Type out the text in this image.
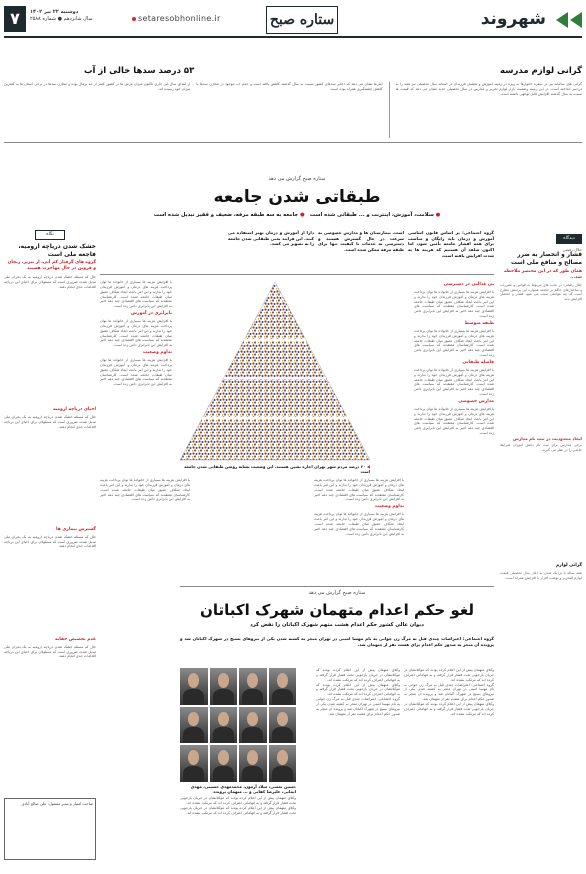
۷	دوشنبه ۲۲ تیر ۱۴۰۲
سال شانزدهم ● شماره ۲۵۸۸	setaresobhonline.ir	ستاره صبح	شهروند
گرانی لوازم مدرسه
۵۳ درصد سدها خالی از آب
گرانی های سالیانه نیز در سفره خانوارها به ویژه در زمینه آموزش و تحصیل فرزندان در آستانه سال تحصیلی نیز همه را به دردسر انداخته است. در این زمینه وضعیت بازار لوازم تحریر و مدارس در سال تحصیلی جدید نشان می دهد که قیمت ها نسبت به سال گذشته افزایش قابل توجهی داشته است.
آمارها نشان می دهد که ذخایر سدهای کشور نسبت به سال گذشته کاهش یافته است و حجم آب موجود در مخازن سدها با کاهش چشمگیری همراه بوده است.
از ابتدای سال آبی جاری تاکنون میزان بارش ها در کشور کمتر از حد نرمال بوده و مخازن سدها در برخی استان ها به کمترین میزان خود رسیده اند.
دیدگاه
جلال رفیعی
فشار و انحصار به ضرر مصالح و منافع ملی است
همان طور که در این مختصر ملاحظه شد...
جلال رفیعی: در بحث های مربوط به قوانین و مقررات و ساختارهای حاکم بر جامعه همواره این پرسش مطرح است که چه عواملی سبب می شود فشار و انحصار افزایش یابد.
ایجاد محدودیت در ثبت نام مدارس
برخی مدارس برای ثبت نام دانش آموزان شرایط خاصی را در نظر می گیرند.
گرانی لوازم
همه ساله با نزدیک شدن به آغاز سال تحصیلی قیمت لوازم التحریر و نوشت افزار با افزایش همراه است.
نگاه
خشک شدن دریاچه ارومیه، فاجعه ملی است
گروه های گرفتار کم آبی، از تبریز، زنجان و قزوین در حال مهاجرت هستند
حال که مسئله خشک شدن دریاچه ارومیه به یک بحران ملی تبدیل شده، ضروری است که مسئولان برای احیای این دریاچه اقدامات جدی انجام دهند.
احیای دریاچه ارومیه
حال که مسئله خشک شدن دریاچه ارومیه به یک بحران ملی تبدیل شده، ضروری است که مسئولان برای احیای این دریاچه اقدامات جدی انجام دهند.
گسترش بیماری ها
حال که مسئله خشک شدن دریاچه ارومیه به یک بحران ملی تبدیل شده، ضروری است که مسئولان برای احیای این دریاچه اقدامات جدی انجام دهند.
عدم تخصیص حقابه
حال که مسئله خشک شدن دریاچه ارومیه به یک بحران ملی تبدیل شده، ضروری است که مسئولان برای احیای این دریاچه اقدامات جدی انجام دهند.
صاحب امتیاز و مدیر مسئول: علی صالح آبادی
ستاره صبح گزارش می دهد
طبقاتی شدن جامعه
● سلامت، آموزش، اینترنت و ... طبقاتی شده است   ● جامعه به سه طبقه مرفه، ضعیف و فقیر تبدیل شده است
گروه اجتماعی: بر اساس قانون اساسی آموزش و درمان باید رایگان و مناسب برای همه اقشار جامعه تأمین شود، اما اکنون شاهد آن هستیم که هزینه ها به شدت افزایش یافته است.
است. بیمارستان ها و مدارس خصوصی به سرعت در حال گسترش هستند و دسترسی به خدمات با کیفیت تنها برای طبقه مرفه ممکن شده است.
دارا از آموزش و درمان بهتر استفاده می کنند. این فرایند یعنی طبقاتی شدن جامعه را به تصویر می کشد.
◀ ۶۰ درصد مردم شهر تهران اجاره نشین هستند. این وضعیت نشانه روشن طبقاتی شدن جامعه است
بی عدالتی در دسترسی
با افزایش هزینه ها بسیاری از خانواده ها توان پرداخت هزینه های درمان و آموزش فرزندان خود را ندارند و این امر باعث ایجاد شکاف عمیق میان طبقات جامعه شده است. کارشناسان معتقدند که سیاست های اقتصادی چند دهه اخیر به افزایش این نابرابری دامن زده است.
طبقه متوسط
با افزایش هزینه ها بسیاری از خانواده ها توان پرداخت هزینه های درمان و آموزش فرزندان خود را ندارند و این امر باعث ایجاد شکاف عمیق میان طبقات جامعه شده است. کارشناسان معتقدند که سیاست های اقتصادی چند دهه اخیر به افزایش این نابرابری دامن زده است.
فاصله طبقاتی
با افزایش هزینه ها بسیاری از خانواده ها توان پرداخت هزینه های درمان و آموزش فرزندان خود را ندارند و این امر باعث ایجاد شکاف عمیق میان طبقات جامعه شده است. کارشناسان معتقدند که سیاست های اقتصادی چند دهه اخیر به افزایش این نابرابری دامن زده است.
مدارس خصوصی
با افزایش هزینه ها بسیاری از خانواده ها توان پرداخت هزینه های درمان و آموزش فرزندان خود را ندارند و این امر باعث ایجاد شکاف عمیق میان طبقات جامعه شده است. کارشناسان معتقدند که سیاست های اقتصادی چند دهه اخیر به افزایش این نابرابری دامن زده است.
با افزایش هزینه ها بسیاری از خانواده ها توان پرداخت هزینه های درمان و آموزش فرزندان خود را ندارند و این امر باعث ایجاد شکاف عمیق میان طبقات جامعه شده است. کارشناسان معتقدند که سیاست های اقتصادی چند دهه اخیر به افزایش این نابرابری دامن زده است.
تداوم وضعیت
با افزایش هزینه ها بسیاری از خانواده ها توان پرداخت هزینه های درمان و آموزش فرزندان خود را ندارند و این امر باعث ایجاد شکاف عمیق میان طبقات جامعه شده است. کارشناسان معتقدند که سیاست های اقتصادی چند دهه اخیر به افزایش این نابرابری دامن زده است.
با افزایش هزینه ها بسیاری از خانواده ها توان پرداخت هزینه های درمان و آموزش فرزندان خود را ندارند و این امر باعث ایجاد شکاف عمیق میان طبقات جامعه شده است. کارشناسان معتقدند که سیاست های اقتصادی چند دهه اخیر به افزایش این نابرابری دامن زده است.
نابرابری در آموزش
با افزایش هزینه ها بسیاری از خانواده ها توان پرداخت هزینه های درمان و آموزش فرزندان خود را ندارند و این امر باعث ایجاد شکاف عمیق میان طبقات جامعه شده است. کارشناسان معتقدند که سیاست های اقتصادی چند دهه اخیر به افزایش این نابرابری دامن زده است.
تداوم وضعیت
با افزایش هزینه ها بسیاری از خانواده ها توان پرداخت هزینه های درمان و آموزش فرزندان خود را ندارند و این امر باعث ایجاد شکاف عمیق میان طبقات جامعه شده است. کارشناسان معتقدند که سیاست های اقتصادی چند دهه اخیر به افزایش این نابرابری دامن زده است.
با افزایش هزینه ها بسیاری از خانواده ها توان پرداخت هزینه های درمان و آموزش فرزندان خود را ندارند و این امر باعث ایجاد شکاف عمیق میان طبقات جامعه شده است. کارشناسان معتقدند که سیاست های اقتصادی چند دهه اخیر به افزایش این نابرابری دامن زده است.
ستاره صبح گزارش می دهد
لغو حکم اعدام متهمان شهرک اکباتان
دیوان عالی کشور حکم اعدام هشت متهم شهرک اکباتان را نقض کرد
گروه اجتماعی: اعتراضات چندی قبل به مرگ زن جوانی به نام مهسا امینی در تهران منجر به کشته شدن یکی از نیروهای بسیج در شهرک اکباتان شد و پرونده آن منجر به صدور حکم اعدام برای هشت نفر از متهمان شد.
حسین نعمتی، میلاد آرمون، محمدمهدی حسینی، مهدی ایمانی، علیرضا کفایی و ... متهمان پرونده
وکلای متهمان پیش از این اعلام کرده بودند که موکلانشان در جریان بازجویی تحت فشار قرار گرفته و به اتهاماتی اعتراف کرده اند که مرتکب نشده اند.
گروه اجتماعی: اعتراضات چندی قبل به مرگ زن جوانی به نام مهسا امینی در تهران منجر به کشته شدن یکی از نیروهای بسیج در شهرک اکباتان شد و پرونده آن منجر به صدور حکم اعدام برای هشت نفر از متهمان شد.
وکلای متهمان پیش از این اعلام کرده بودند که موکلانشان در جریان بازجویی تحت فشار قرار گرفته و به اتهاماتی اعتراف کرده اند که مرتکب نشده اند.
وکلای متهمان پیش از این اعلام کرده بودند که موکلانشان در جریان بازجویی تحت فشار قرار گرفته و به اتهاماتی اعتراف کرده اند که مرتکب نشده اند.
وکلای متهمان پیش از این اعلام کرده بودند که موکلانشان در جریان بازجویی تحت فشار قرار گرفته و به اتهاماتی اعتراف کرده اند که مرتکب نشده اند.
گروه اجتماعی: اعتراضات چندی قبل به مرگ زن جوانی به نام مهسا امینی در تهران منجر به کشته شدن یکی از نیروهای بسیج در شهرک اکباتان شد و پرونده آن منجر به صدور حکم اعدام برای هشت نفر از متهمان شد.
وکلای متهمان پیش از این اعلام کرده بودند که موکلانشان در جریان بازجویی تحت فشار قرار گرفته و به اتهاماتی اعتراف کرده اند که مرتکب نشده اند.
وکلای متهمان پیش از این اعلام کرده بودند که موکلانشان در جریان بازجویی تحت فشار قرار گرفته و به اتهاماتی اعتراف کرده اند که مرتکب نشده اند.
